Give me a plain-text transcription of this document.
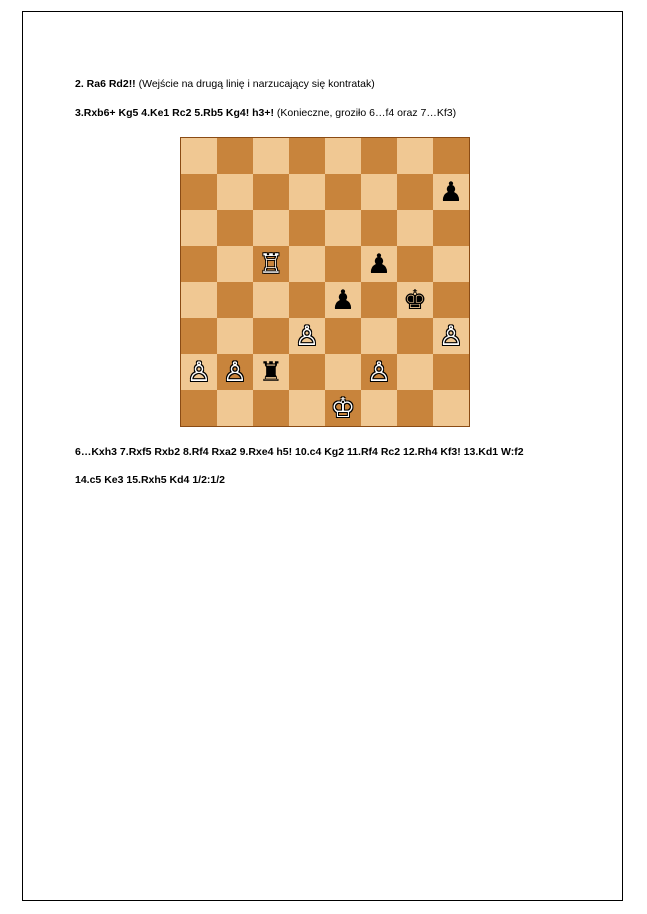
2. Ra6 Rd2!! (Wejście na drugą linię i narzucający się kontratak)
3.Rxb6+ Kg5 4.Ke1 Rc2 5.Rb5 Kg4! h3+! (Konieczne, groziło 6…f4 oraz 7…Kf3)
♟
♖	♟
♟ ♚
♙	♙
♙ ♙ ♜	♙
♔
6…Kxh3 7.Rxf5 Rxb2 8.Rf4 Rxa2 9.Rxe4 h5! 10.c4 Kg2 11.Rf4 Rc2 12.Rh4 Kf3! 13.Kd1 W:f2
14.c5 Ke3 15.Rxh5 Kd4 1/2:1/2
